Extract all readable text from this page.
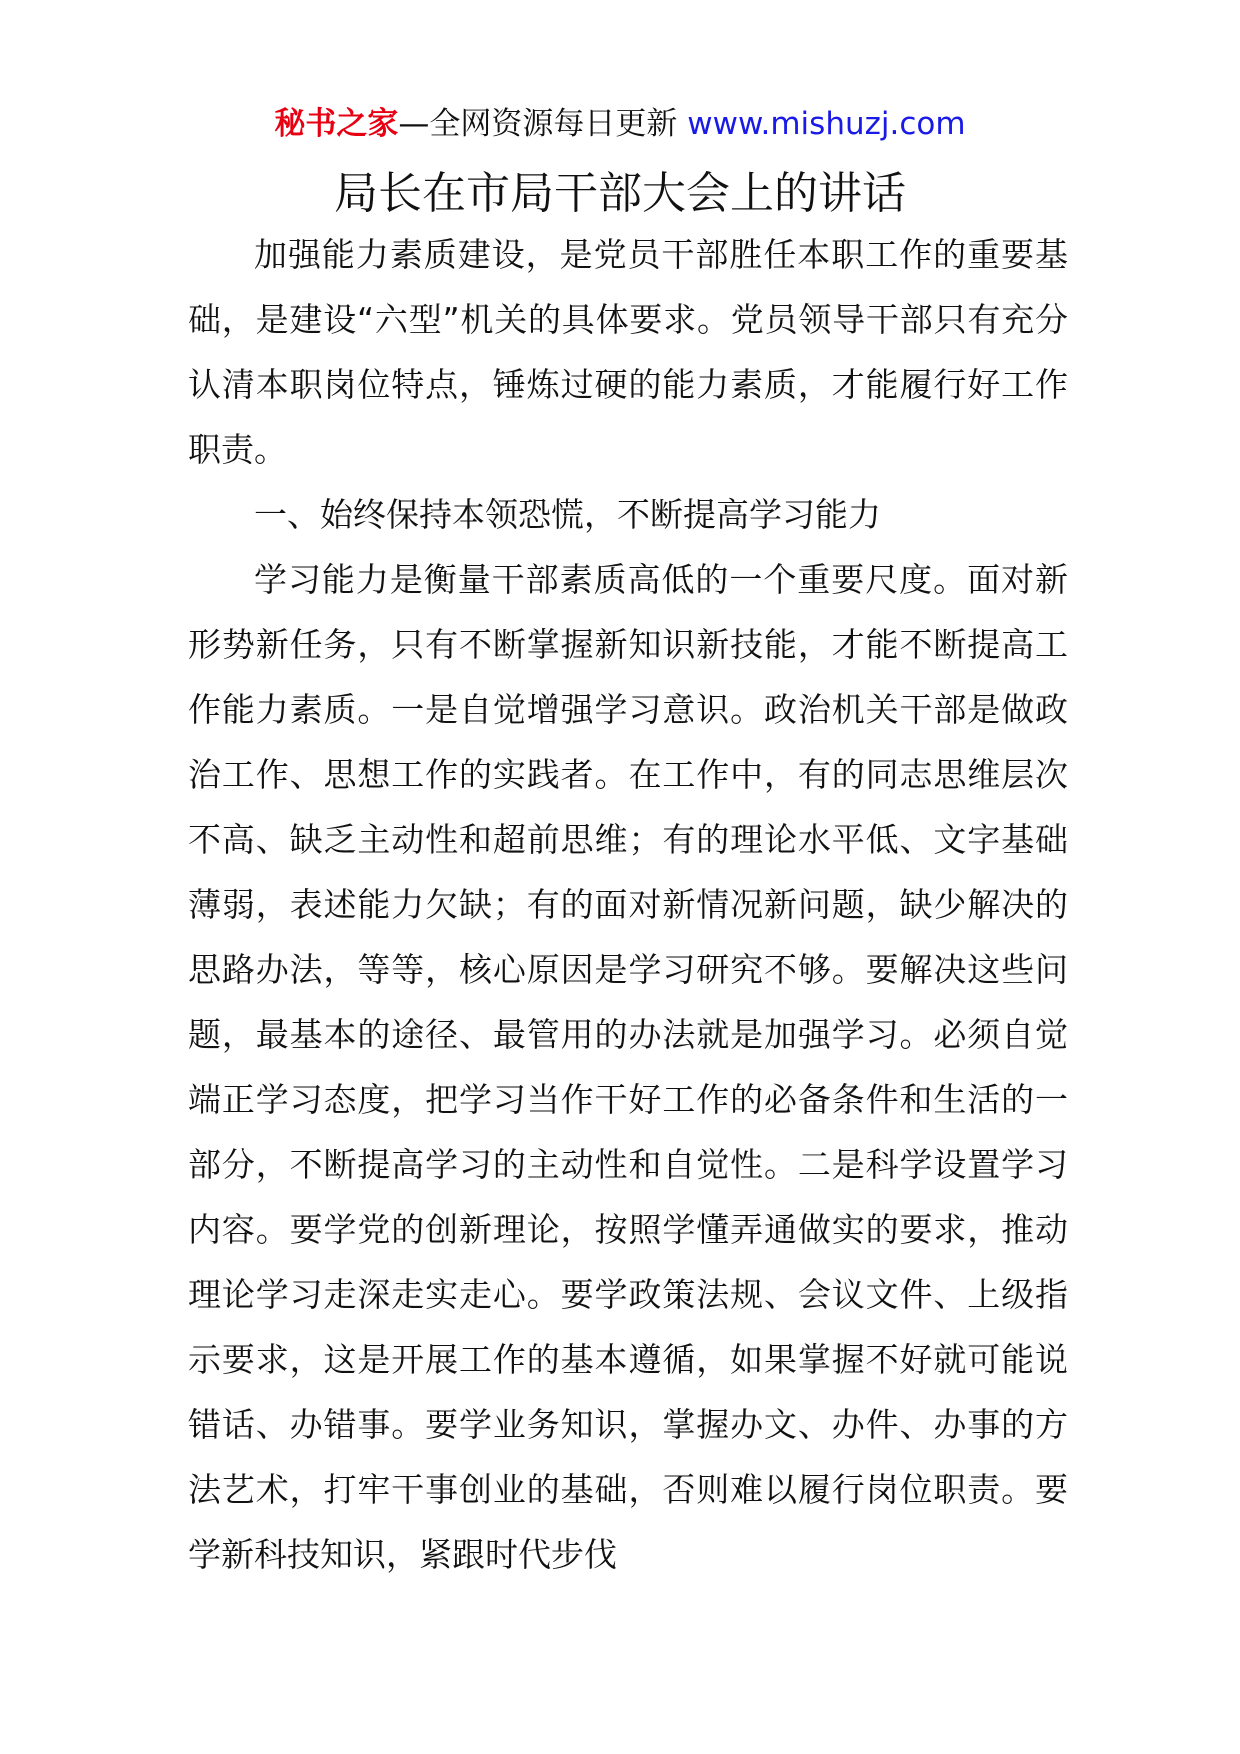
秘书之家—全网资源每日更新 www.mishuzj.com
局长在市局干部大会上的讲话

加强能力素质建设，是党员干部胜任本职工作的重要基础，是建设“六型”机关的具体要求。党员领导干部只有充分认清本职岗位特点，锤炼过硬的能力素质，才能履行好工作职责。

一、始终保持本领恐慌，不断提高学习能力

学习能力是衡量干部素质高低的一个重要尺度。面对新形势新任务，只有不断掌握新知识新技能，才能不断提高工作能力素质。一是自觉增强学习意识。政治机关干部是做政治工作、思想工作的实践者。在工作中，有的同志思维层次不高、缺乏主动性和超前思维；有的理论水平低、文字基础薄弱，表述能力欠缺；有的面对新情况新问题，缺少解决的思路办法，等等，核心原因是学习研究不够。要解决这些问题，最基本的途径、最管用的办法就是加强学习。必须自觉端正学习态度，把学习当作干好工作的必备条件和生活的一部分，不断提高学习的主动性和自觉性。二是科学设置学习内容。要学党的创新理论，按照学懂弄通做实的要求，推动理论学习走深走实走心。要学政策法规、会议文件、上级指示要求，这是开展工作的基本遵循，如果掌握不好就可能说错话、办错事。要学业务知识，掌握办文、办件、办事的方法艺术，打牢干事创业的基础，否则难以履行岗位职责。要学新科技知识，紧跟时代步伐
